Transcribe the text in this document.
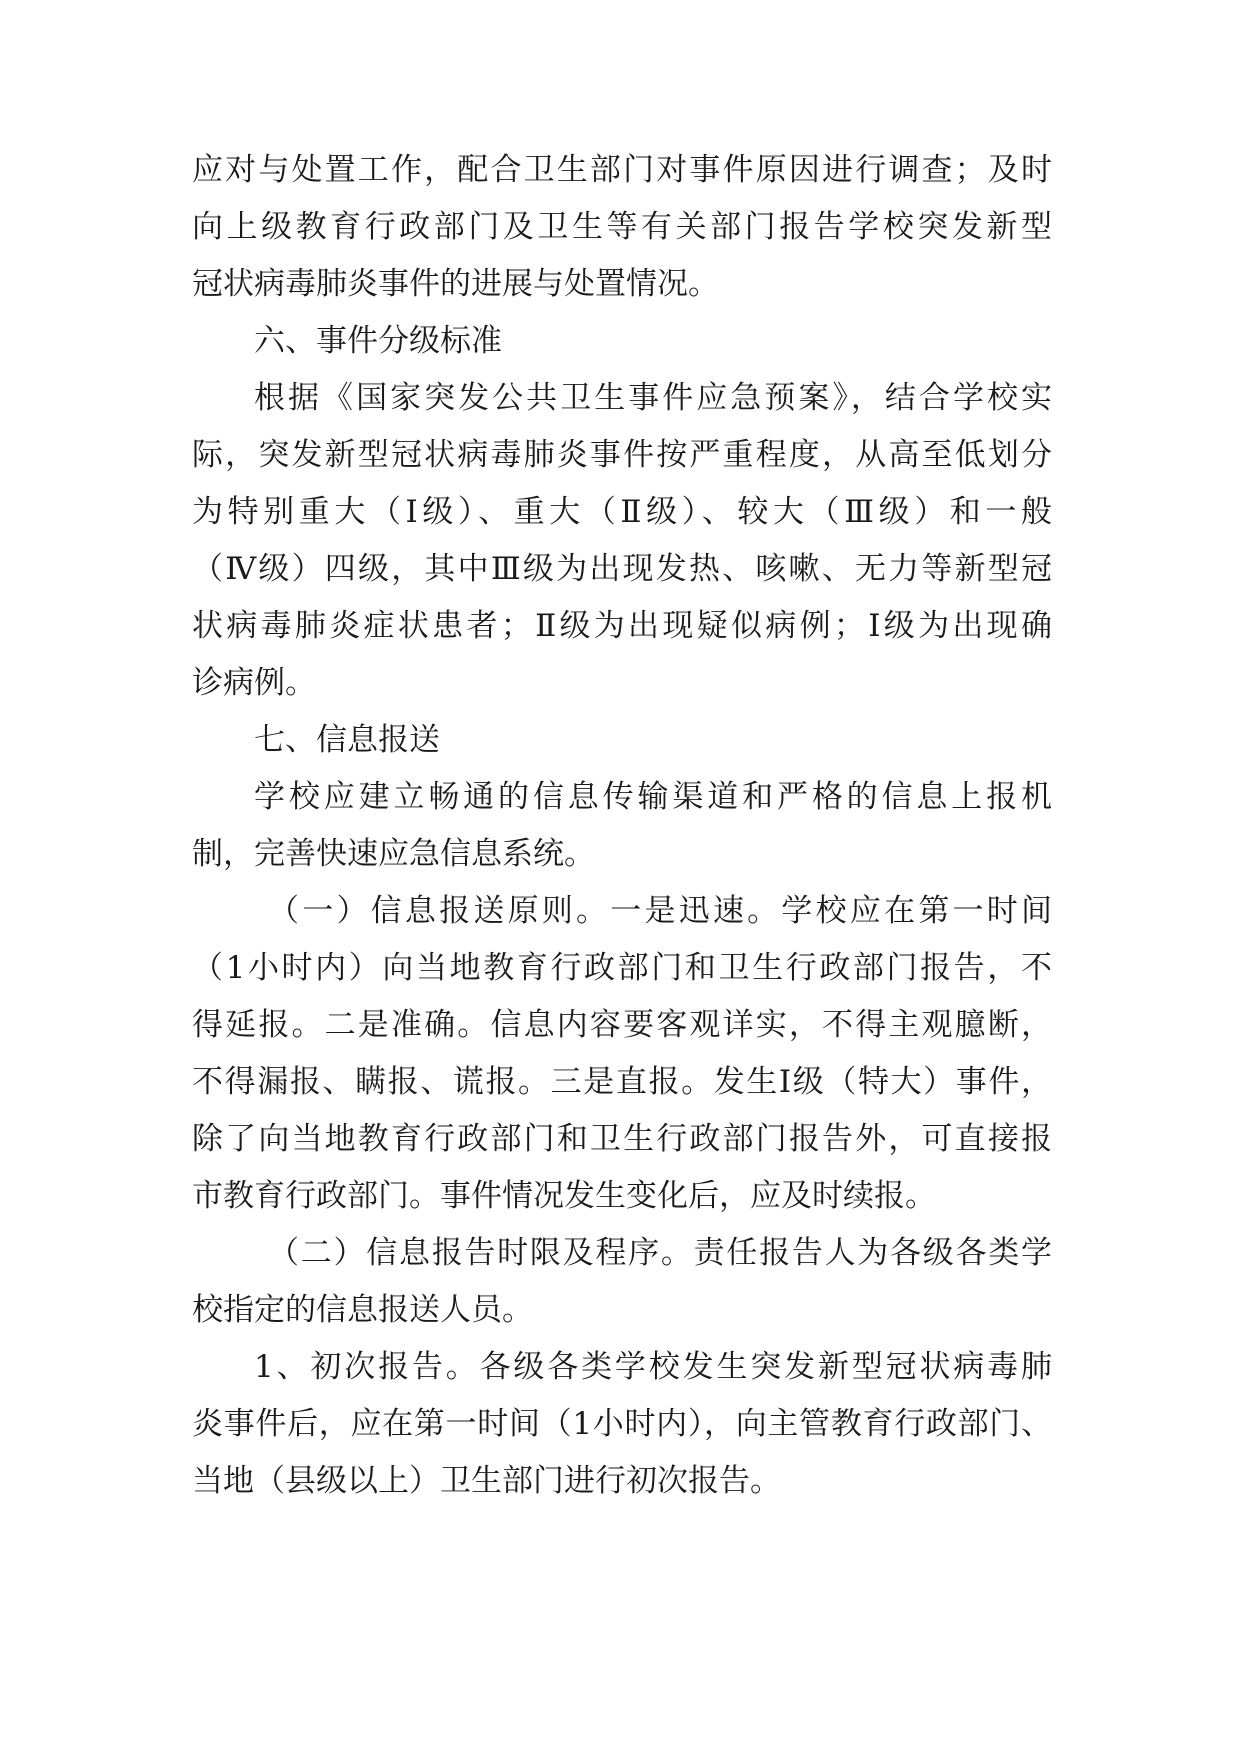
应对与处置工作，配合卫生部门对事件原因进行调查；及时
向上级教育行政部门及卫生等有关部门报告学校突发新型
冠状病毒肺炎事件的进展与处置情况。
六、事件分级标准
根据《国家突发公共卫生事件应急预案》，结合学校实
际，突发新型冠状病毒肺炎事件按严重程度，从高至低划分
为特别重大（Ⅰ级）、重大（Ⅱ级）、较大（Ⅲ级）和一般
（Ⅳ级）四级，其中Ⅲ级为出现发热、咳嗽、无力等新型冠
状病毒肺炎症状患者；Ⅱ级为出现疑似病例；Ⅰ级为出现确
诊病例。
七、信息报送
学校应建立畅通的信息传输渠道和严格的信息上报机
制，完善快速应急信息系统。
（一）信息报送原则。一是迅速。学校应在第一时间
（1小时内）向当地教育行政部门和卫生行政部门报告，不
得延报。二是准确。信息内容要客观详实，不得主观臆断，
不得漏报、瞒报、谎报。三是直报。发生Ⅰ级（特大）事件，
除了向当地教育行政部门和卫生行政部门报告外，可直接报
市教育行政部门。事件情况发生变化后，应及时续报。
（二）信息报告时限及程序。责任报告人为各级各类学
校指定的信息报送人员。
1、初次报告。各级各类学校发生突发新型冠状病毒肺
炎事件后，应在第一时间（1小时内），向主管教育行政部门、
当地（县级以上）卫生部门进行初次报告。
